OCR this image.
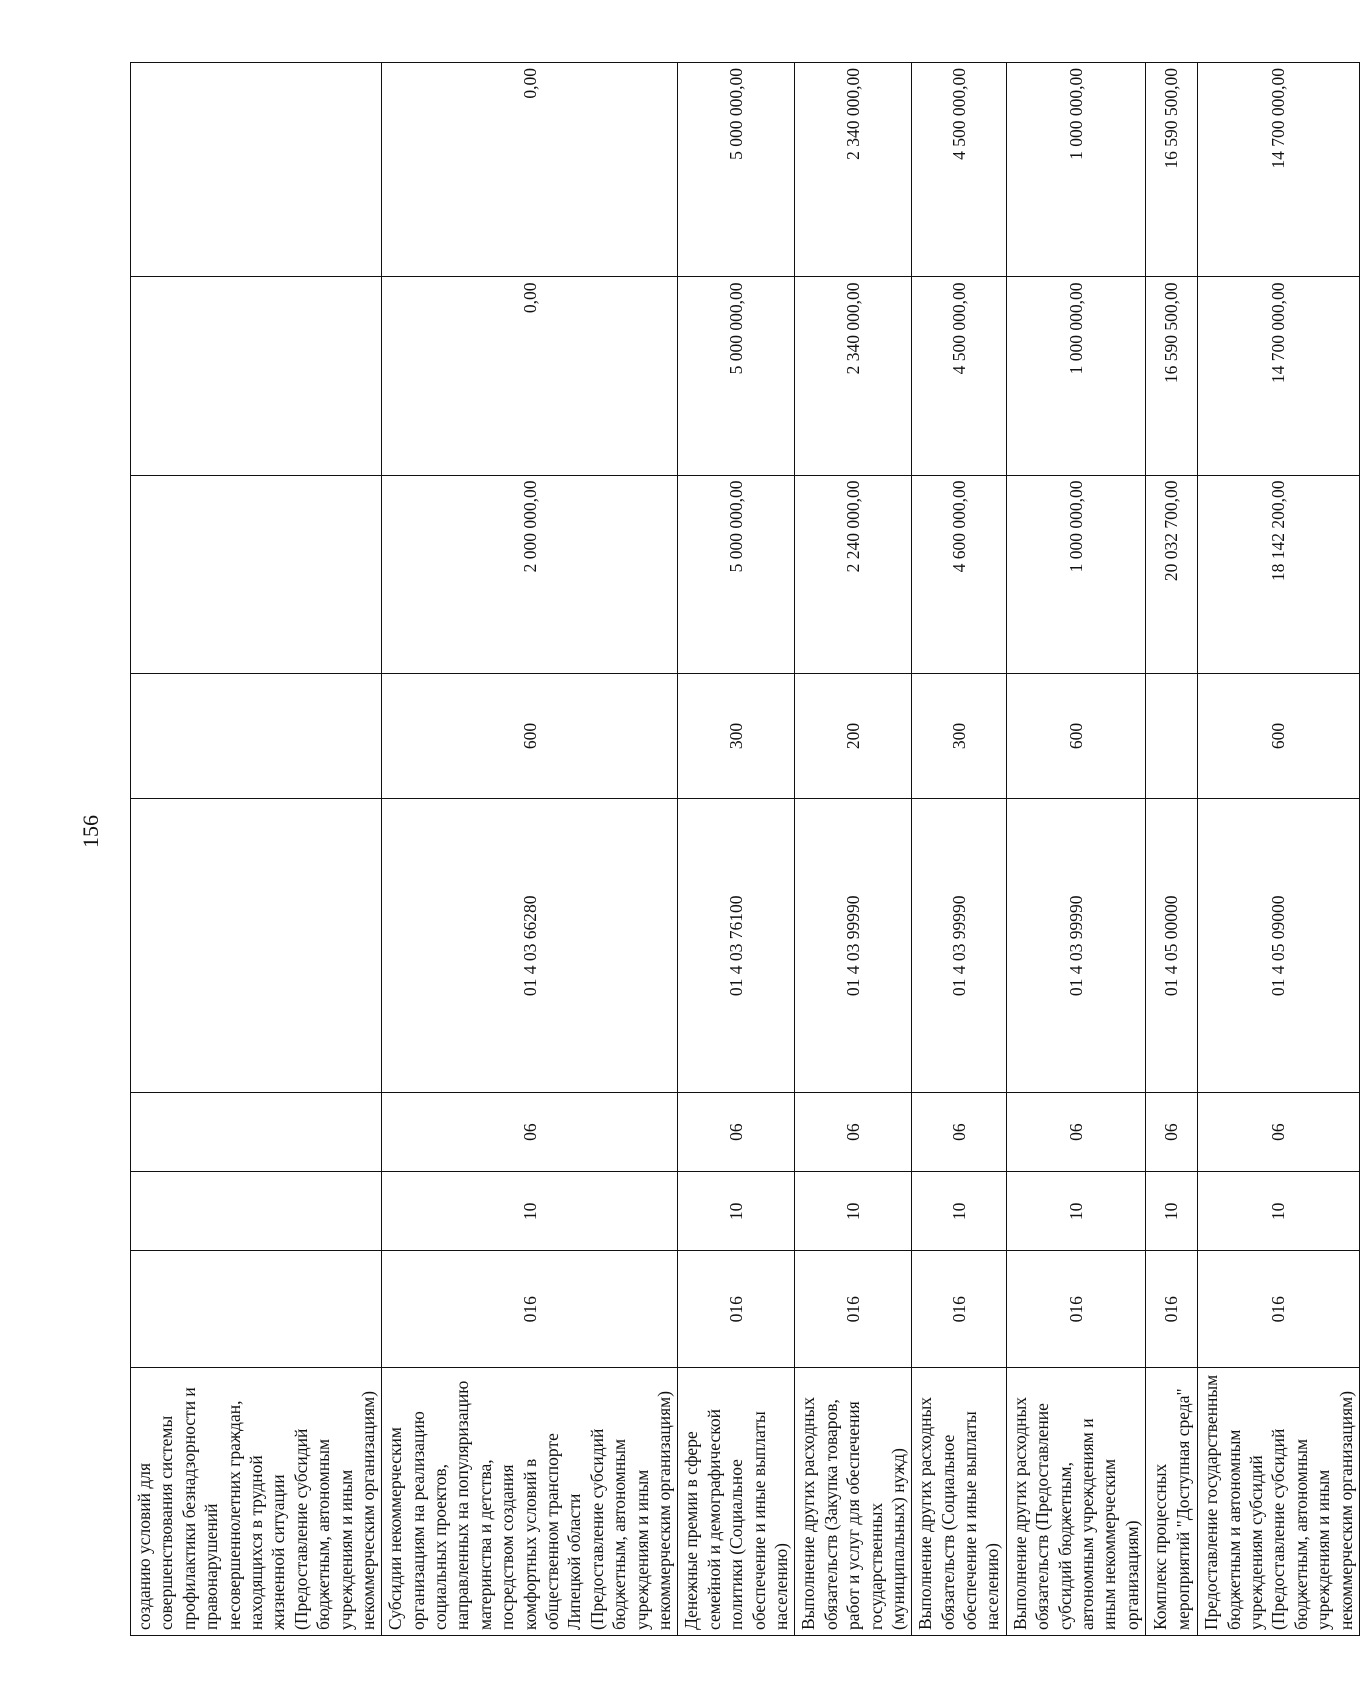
156
созданию условий для совершенствования системы профилактики безнадзорности и правонарушений несовершеннолетних граждан, находящихся в трудной жизненной ситуации (Предоставление субсидий бюджетным, автономным учреждениям и иным некоммерческим организациям)								
Субсидии некоммерческим организациям на реализацию социальных проектов, направленных на популяризацию материнства и детства, посредством создания комфортных условий в общественном транспорте Липецкой области (Предоставление субсидий бюджетным, автономным учреждениям и иным некоммерческим организациям)	016	10	06	01 4 03 66280	600	2 000 000,00	0,00	0,00
Денежные премии в сфере семейной и демографической политики (Социальное обеспечение и иные выплаты населению)	016	10	06	01 4 03 76100	300	5 000 000,00	5 000 000,00	5 000 000,00
Выполнение других расходных обязательств (Закупка товаров, работ и услуг для обеспечения государственных (муниципальных) нужд)	016	10	06	01 4 03 99990	200	2 240 000,00	2 340 000,00	2 340 000,00
Выполнение других расходных обязательств (Социальное обеспечение и иные выплаты населению)	016	10	06	01 4 03 99990	300	4 600 000,00	4 500 000,00	4 500 000,00
Выполнение других расходных обязательств (Предоставление субсидий бюджетным, автономным учреждениям и иным некоммерческим организациям)	016	10	06	01 4 03 99990	600	1 000 000,00	1 000 000,00	1 000 000,00
Комплекс процессных мероприятий "Доступная среда"	016	10	06	01 4 05 00000		20 032 700,00	16 590 500,00	16 590 500,00
Предоставление государственным бюджетным и автономным учреждениям субсидий (Предоставление субсидий бюджетным, автономным учреждениям и иным некоммерческим организациям)	016	10	06	01 4 05 09000	600	18 142 200,00	14 700 000,00	14 700 000,00
